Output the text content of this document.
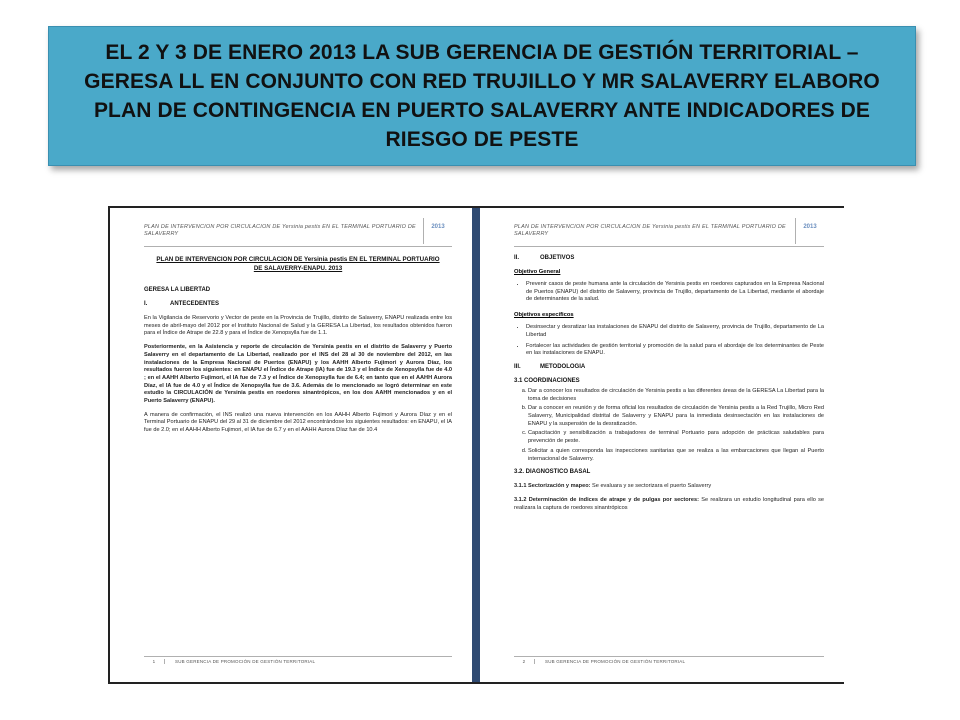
EL 2 Y 3 DE ENERO 2013 LA SUB GERENCIA DE GESTIÓN TERRITORIAL – GERESA LL EN CONJUNTO CON RED TRUJILLO Y MR SALAVERRY ELABORO PLAN DE CONTINGENCIA EN PUERTO SALAVERRY ANTE INDICADORES DE RIESGO DE PESTE
PLAN DE INTERVENCION POR CIRCULACION DE Yersinia pestis EN EL TERMINAL PORTUARIO DE SALAVERRY
2013
PLAN DE INTERVENCION POR CIRCULACION DE Yersinia pestis EN EL TERMINAL PORTUARIO DE SALAVERRY-ENAPU. 2013
GERESA LA LIBERTAD
I.	ANTECEDENTES

En la Vigilancia de Reservorio y Vector de peste en la Provincia de Trujillo, distrito de Salaverry, ENAPU realizada entre los meses de abril-mayo del 2012 por el Instituto Nacional de Salud y la GERESA La Libertad, los resultados obtenidos fueron para el Índice de Atrape de 22.8 y para el Índice de Xenopsylla fue de 1.1.

Posteriormente, en la Asistencia y reporte de circulación de Yersinia pestis en el distrito de Salaverry y Puerto Salaverry en el departamento de La Libertad, realizado por el INS del 28 al 30 de noviembre del 2012, en las instalaciones de la Empresa Nacional de Puertos (ENAPU) y los AAHH Alberto Fujimori y Aurora Díaz, los resultados fueron los siguientes: en ENAPU el Índice de Atrape (IA) fue de 19.3 y el Índice de Xenopsylla fue de 4.0 ; en el AAHH Alberto Fujimori, el IA fue de 7.3 y el Índice de Xenopsylla fue de 6.4; en tanto que en el AAHH Aurora Díaz, el IA fue de 4.0 y el Índice de Xenopsylla fue de 3.6. Además de lo mencionado se logró determinar en este estudio la CIRCULACIÓN de Yersinia pestis en roedores sinantrópicos, en los dos AAHH mencionados y en el Puerto Salaverry (ENAPU).

A manera de confirmación, el INS realizó una nueva intervención en los AAHH Alberto Fujimori y Aurora Díaz y en el Terminal Portuario de ENAPU del 29 al 31 de diciembre del 2012 encontrándose los siguientes resultados: en ENAPU, el IA fue de 2.0; en el AAHH Alberto Fujimori, el IA fue de 6.7 y en el AAHH Aurora Díaz fue de 10.4

1	SUB GERENCIA DE PROMOCIÓN DE GESTIÓN TERRITORIAL
PLAN DE INTERVENCION POR CIRCULACION DE Yersinia pestis EN EL TERMINAL PORTUARIO DE SALAVERRY
2013
II.	OBJETIVOS
Objetivo General
• Prevenir casos de peste humana ante la circulación de Yersinia pestis en roedores capturados en la Empresa Nacional de Puertos (ENAPU) del distrito de Salaverry, provincia de Trujillo, departamento de La Libertad, mediante el abordaje de determinantes de la salud.
Objetivos específicos
• Desinsectar y desratizar las instalaciones de ENAPU del distrito de Salaverry, provincia de Trujillo, departamento de La Libertad
• Fortalecer las actividades de gestión territorial y promoción de la salud para el abordaje de los determinantes de Peste en las instalaciones de ENAPU.
III.	METODOLOGIA
3.1 COORDINACIONES
a. Dar a conocer los resultados de circulación de Yersinia pestis a las diferentes áreas de la GERESA La Libertad para la toma de decisiones
b. Dar a conocer en reunión y de forma oficial los resultados de circulación de Yersinia pestis a la Red Trujillo, Micro Red Salaverry, Municipalidad distrital de Salaverry y ENAPU para la inmediata desinsectación en las instalaciones de ENAPU y la suspensión de la desratización.
c. Capacitación y sensibilización a trabajadores de terminal Portuario para adopción de prácticas saludables para prevención de peste.
d. Solicitar a quien corresponda las inspecciones sanitarias que se realiza a las embarcaciones que llegan al Puerto internacional de Salaverry.
3.2. DIAGNOSTICO BASAL

3.1.1 Sectorización y mapeo: Se evaluara y se sectorizara el puerto Salaverry

3.1.2 Determinación de índices de atrape y de pulgas por sectores: Se realizara un estudio longitudinal para ello se realizara la captura de roedores sinantrópicos

2	SUB GERENCIA DE PROMOCIÓN DE GESTIÓN TERRITORIAL
